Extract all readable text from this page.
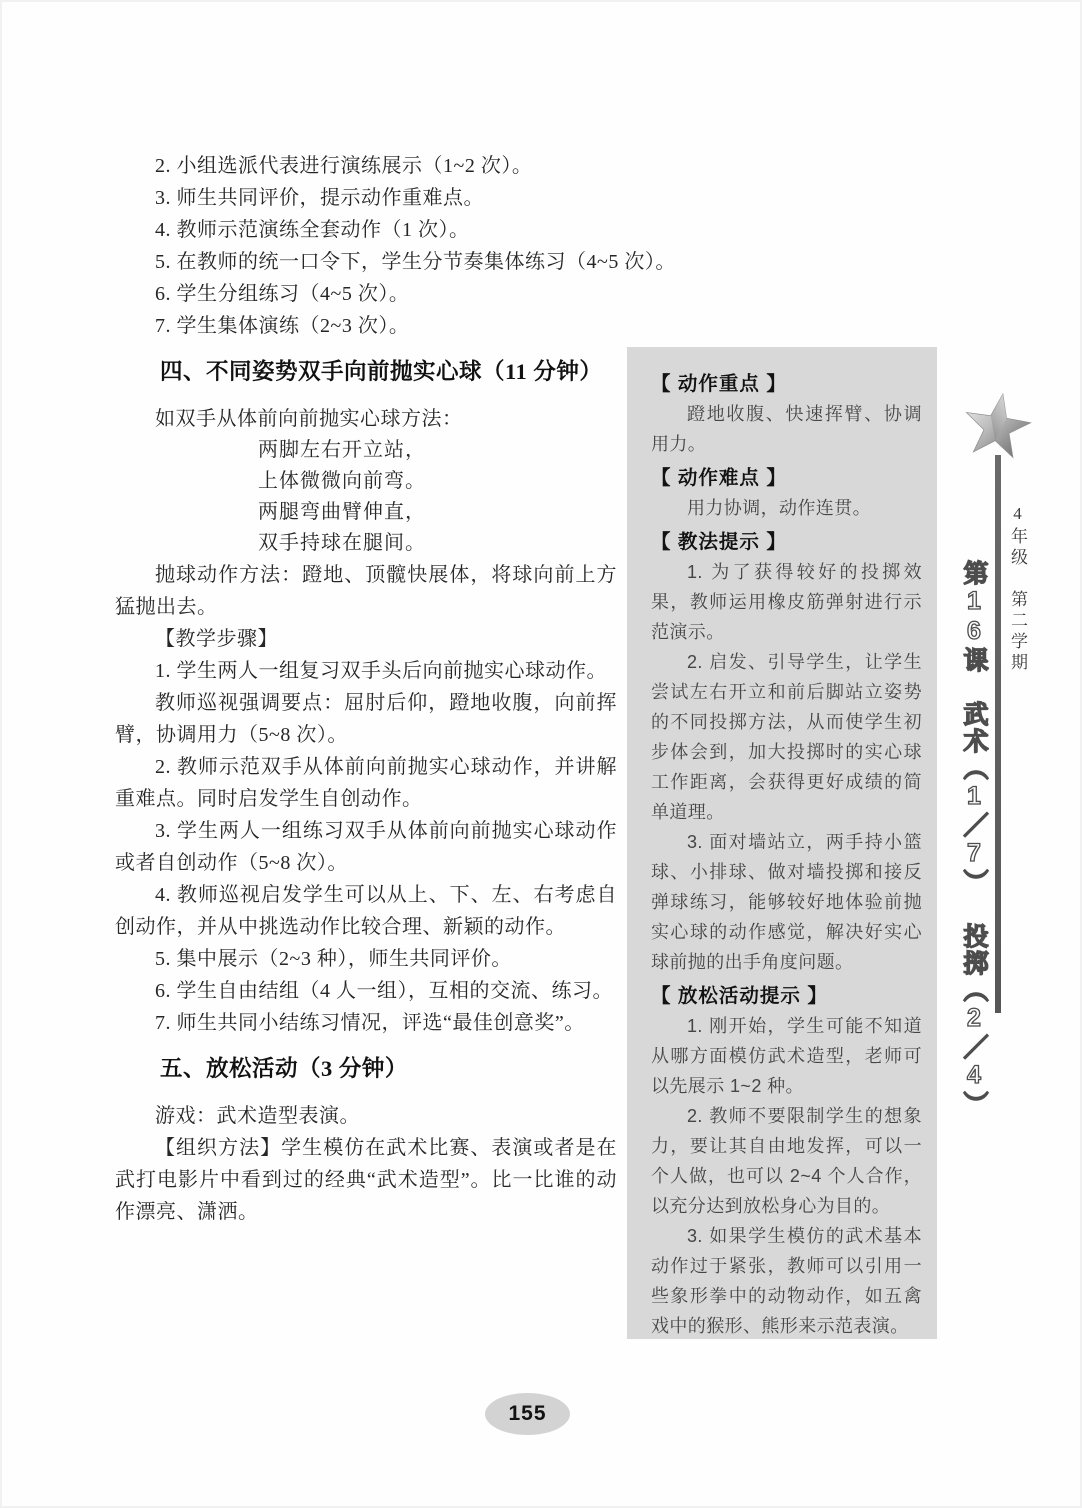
2. 小组选派代表进行演练展示（1~2 次）。

3. 师生共同评价，提示动作重难点。

4. 教师示范演练全套动作（1 次）。

5. 在教师的统一口令下，学生分节奏集体练习（4~5 次）。

6. 学生分组练习（4~5 次）。

7. 学生集体演练（2~3 次）。

四、不同姿势双手向前抛实心球（11 分钟）

如双手从体前向前抛实心球方法：

两脚左右开立站，

上体微微向前弯。

两腿弯曲臂伸直，

双手持球在腿间。

抛球动作方法：蹬地、顶髋快展体，将球向前上方猛抛出去。

【教学步骤】

1. 学生两人一组复习双手头后向前抛实心球动作。

教师巡视强调要点：屈肘后仰，蹬地收腹，向前挥臂，协调用力（5~8 次）。

2. 教师示范双手从体前向前抛实心球动作，并讲解重难点。同时启发学生自创动作。

3. 学生两人一组练习双手从体前向前抛实心球动作或者自创动作（5~8 次）。

4. 教师巡视启发学生可以从上、下、左、右考虑自创动作，并从中挑选动作比较合理、新颖的动作。

5. 集中展示（2~3 种），师生共同评价。

6. 学生自由结组（4 人一组），互相的交流、练习。

7. 师生共同小结练习情况，评选“最佳创意奖”。

五、放松活动（3 分钟）

游戏：武术造型表演。

【组织方法】学生模仿在武术比赛、表演或者是在武打电影片中看到过的经典“武术造型”。比一比谁的动作漂亮、潇洒。

【 动作重点 】

蹬地收腹、快速挥臂、协调用力。

【 动作难点 】

用力协调，动作连贯。

【 教法提示 】

1. 为了获得较好的投掷效果，教师运用橡皮筋弹射进行示范演示。

2. 启发、引导学生，让学生尝试左右开立和前后脚站立姿势的不同投掷方法，从而使学生初步体会到，加大投掷时的实心球工作距离，会获得更好成绩的简单道理。

3. 面对墙站立，两手持小篮球、小排球、做对墙投掷和接反弹球练习，能够较好地体验前抛实心球的动作感觉，解决好实心球前抛的出手角度问题。

【 放松活动提示 】

1. 刚开始，学生可能不知道从哪方面模仿武术造型，老师可以先展示 1~2 种。

2. 教师不要限制学生的想象力，要让其自由地发挥，可以一个人做，也可以 2~4 个人合作，以充分达到放松身心为目的。

3. 如果学生模仿的武术基本动作过于紧张，教师可以引用一些象形拳中的动物动作，如五禽戏中的猴形、熊形来示范表演。

4年级　第二学期
第16课　武术︵1／7︶　投掷︵2／4︶
155
